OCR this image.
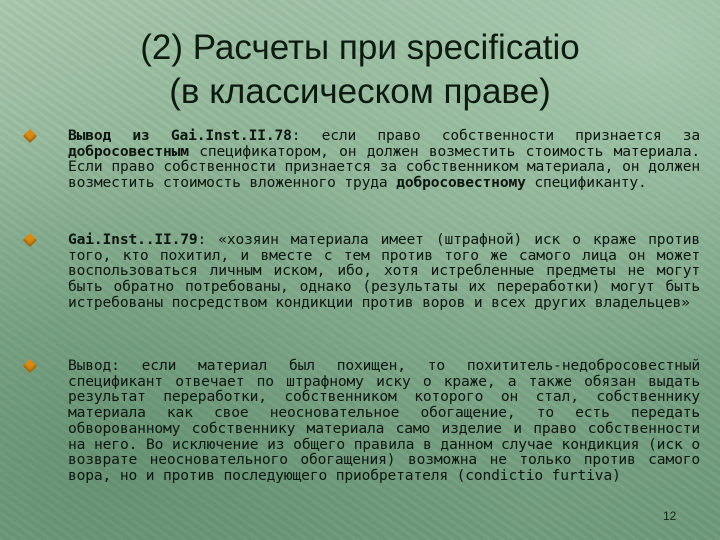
(2) Расчеты при specificatio
(в классическом праве)
Вывод из Gai.Inst.II.78: если право собственности признается за добросовестным спецификатором, он должен возместить стоимость материала. Если право собственности признается за собственником материала, он должен возместить стоимость вложенного труда добросовестному спецификанту.
Gai.Inst..II.79: «хозяин материала имеет (штрафной) иск о краже против того, кто похитил, и вместе с тем против того же самого лица он может воспользоваться личным иском, ибо, хотя истребленные предметы не могут быть обратно потребованы, однако (результаты их переработки) могут быть истребованы посредством кондикции против воров и всех других владельцев»
Вывод: если материал был похищен, то похититель-недобросовестный спецификант отвечает по штрафному иску о краже, а также обязан выдать результат переработки, собственником которого он стал, собственнику материала как свое неосновательное обогащение, то есть передать обворованному собственнику материала само изделие и право собственности на него. Во исключение из общего правила в данном случае кондикция (иск о возврате неосновательного обогащения) возможна не только против самого вора, но и против последующего приобретателя (condictio furtiva)
12
